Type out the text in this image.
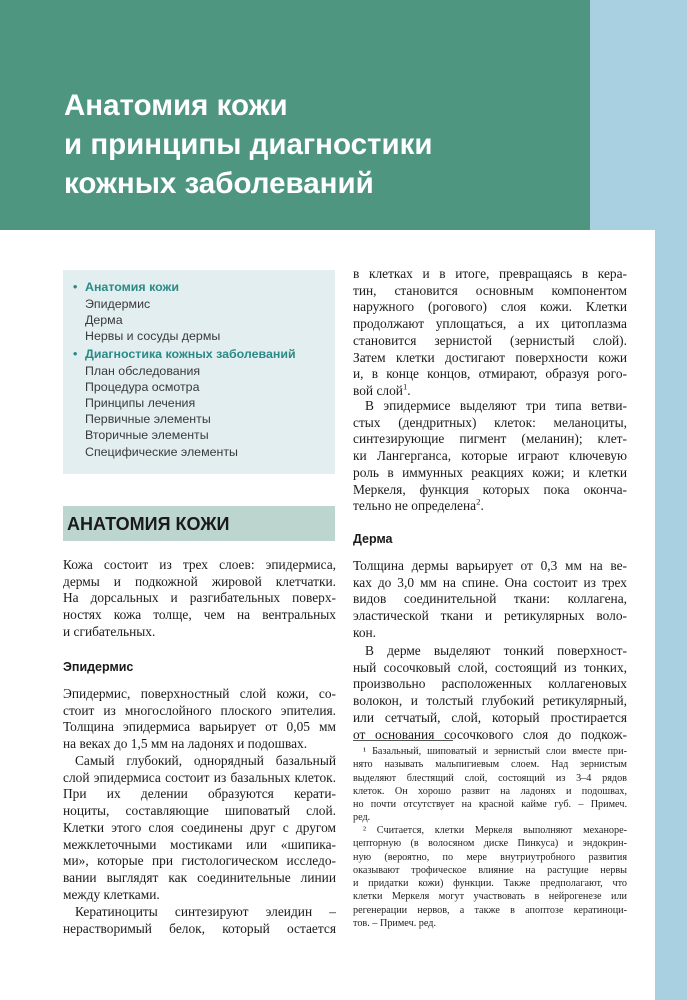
Анатомия кожи
и принципы диагностики
кожных заболеваний
• Анатомия кожи
Эпидермис
Дерма
Нервы и сосуды дермы
• Диагностика кожных заболеваний
План обследования
Процедура осмотра
Принципы лечения
Первичные элементы
Вторичные элементы
Специфические элементы
АНАТОМИЯ КОЖИ
Кожа состоит из трех слоев: эпидермиса,
дермы и подкожной жировой клетчатки.
На дорсальных и разгибательных поверх-
ностях кожа толще, чем на вентральных
и сгибательных.
Эпидермис
Эпидермис, поверхностный слой кожи, со-
стоит из многослойного плоского эпителия.
Толщина эпидермиса варьирует от 0,05 мм
на веках до 1,5 мм на ладонях и подошвах.
Самый глубокий, однорядный базальный
слой эпидермиса состоит из базальных клеток.
При их делении образуются керати-
ноциты, составляющие шиповатый слой.
Клетки этого слоя соединены друг с другом
межклеточными мостиками или «шипика-
ми», которые при гистологическом исследо-
вании выглядят как соединительные линии
между клетками.
Кератиноциты синтезируют элеидин –
нерастворимый белок, который остается
в клетках и в итоге, превращаясь в кера-
тин, становится основным компонентом
наружного (рогового) слоя кожи. Клетки
продолжают уплощаться, а их цитоплазма
становится зернистой (зернистый слой).
Затем клетки достигают поверхности кожи
и, в конце концов, отмирают, образуя рого-
вой слой$^1$.
В эпидермисе выделяют три типа ветви-
стых (дендритных) клеток: меланоциты,
синтезирующие пигмент (меланин); клет-
ки Лангерганса, которые играют ключевую
роль в иммунных реакциях кожи; и клетки
Меркеля, функция которых пока оконча-
тельно не определена$^2$.
Дерма
Толщина дермы варьирует от 0,3 мм на ве-
ках до 3,0 мм на спине. Она состоит из трех
видов соединительной ткани: коллагена,
эластической ткани и ретикулярных воло-
кон.
В дерме выделяют тонкий поверхност-
ный сосочковый слой, состоящий из тонких,
произвольно расположенных коллагеновых
волокон, и толстый глубокий ретикулярный,
или сетчатый, слой, который простирается
от основания сосочкового слоя до подкож-
¹ Базальный, шиповатый и зернистый слои вместе при-
нято называть мальпигиевым слоем. Над зернистым
выделяют блестящий слой, состоящий из 3–4 рядов
клеток. Он хорошо развит на ладонях и подошвах,
но почти отсутствует на красной кайме губ. – Примеч.
ред.
² Считается, клетки Меркеля выполняют механоре-
цепторную (в волосяном диске Пинкуса) и эндокрин-
ную (вероятно, по мере внутриутробного развития
оказывают трофическое влияние на растущие нервы
и придатки кожи) функции. Также предполагают, что
клетки Меркеля могут участвовать в нейрогенезе или
регенерации нервов, а также в апоптозе кератиноци-
тов. – Примеч. ред.
